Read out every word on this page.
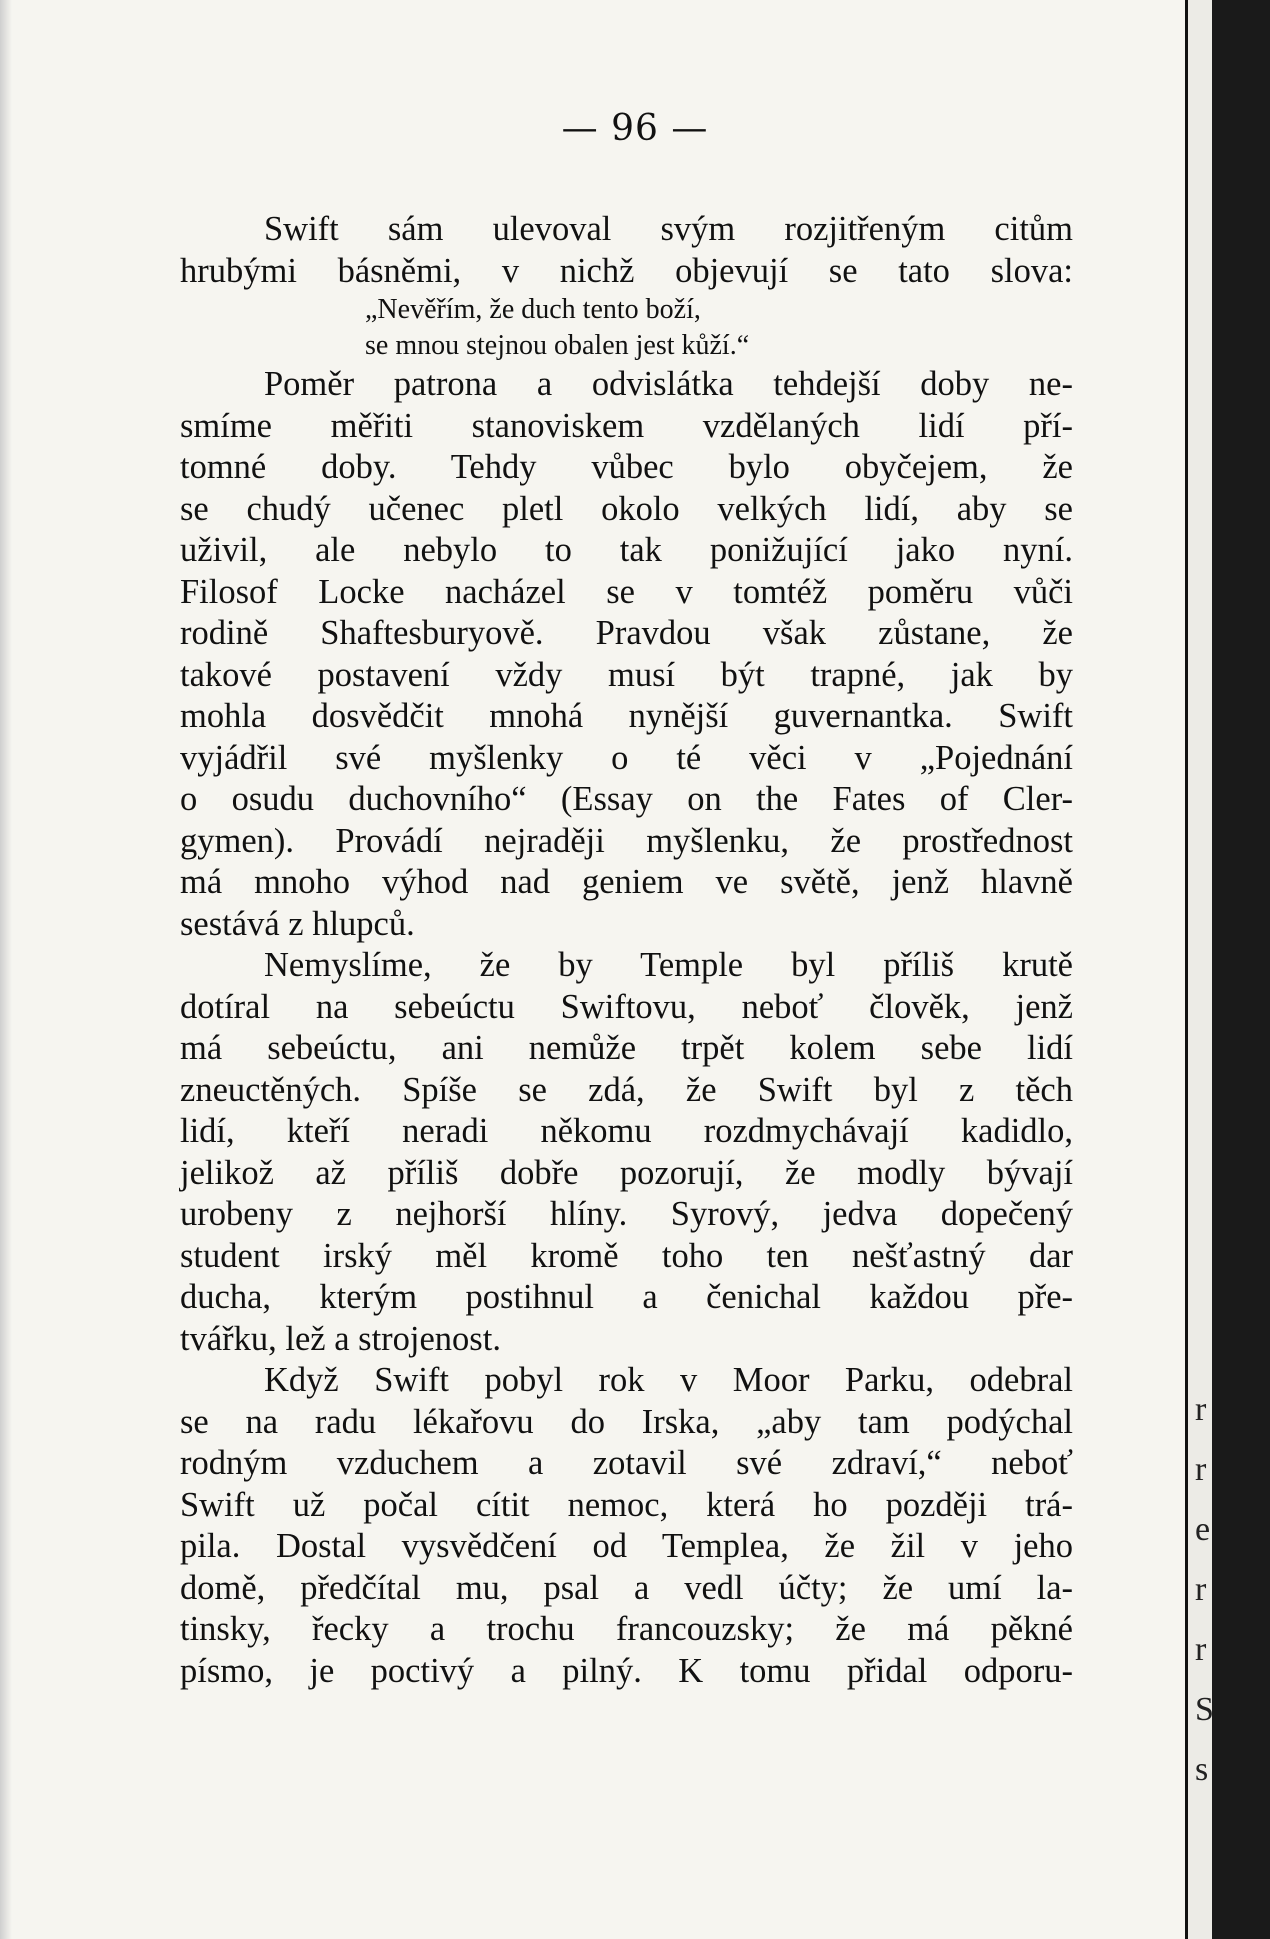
— 96 —
Swift sám ulevoval svým rozjitřeným citům
hrubými básněmi, v nichž objevují se tato slova:
„Nevěřím, že duch tento boží,
se mnou stejnou obalen jest kůží.“
Poměr patrona a odvislátka tehdejší doby ne-
smíme měřiti stanoviskem vzdělaných lidí pří-
tomné doby. Tehdy vůbec bylo obyčejem, že
se chudý učenec pletl okolo velkých lidí, aby se
uživil, ale nebylo to tak ponižující jako nyní.
Filosof Locke nacházel se v tomtéž poměru vůči
rodině Shaftesburyově. Pravdou však zůstane, že
takové postavení vždy musí být trapné, jak by
mohla dosvědčit mnohá nynější guvernantka. Swift
vyjádřil své myšlenky o té věci v „Pojednání
o osudu duchovního“ (Essay on the Fates of Cler-
gymen). Provádí nejraději myšlenku, že prostřednost
má mnoho výhod nad geniem ve světě, jenž hlavně
sestává z hlupců.
Nemyslíme, že by Temple byl příliš krutě
dotíral na sebeúctu Swiftovu, neboť člověk, jenž
má sebeúctu, ani nemůže trpět kolem sebe lidí
zneuctěných. Spíše se zdá, že Swift byl z těch
lidí, kteří neradi někomu rozdmychávají kadidlo,
jelikož až příliš dobře pozorují, že modly bývají
urobeny z nejhorší hlíny. Syrový, jedva dopečený
student irský měl kromě toho ten nešťastný dar
ducha, kterým postihnul a čenichal každou pře-
tvářku, lež a strojenost.
Když Swift pobyl rok v Moor Parku, odebral
se na radu lékařovu do Irska, „aby tam podýchal
rodným vzduchem a zotavil své zdraví,“ neboť
Swift už počal cítit nemoc, která ho později trá-
pila. Dostal vysvědčení od Templea, že žil v jeho
domě, předčítal mu, psal a vedl účty; že umí la-
tinsky, řecky a trochu francouzsky; že má pěkné
písmo, je poctivý a pilný. K tomu přidal odporu-
r
r
e
r
r
S
s
